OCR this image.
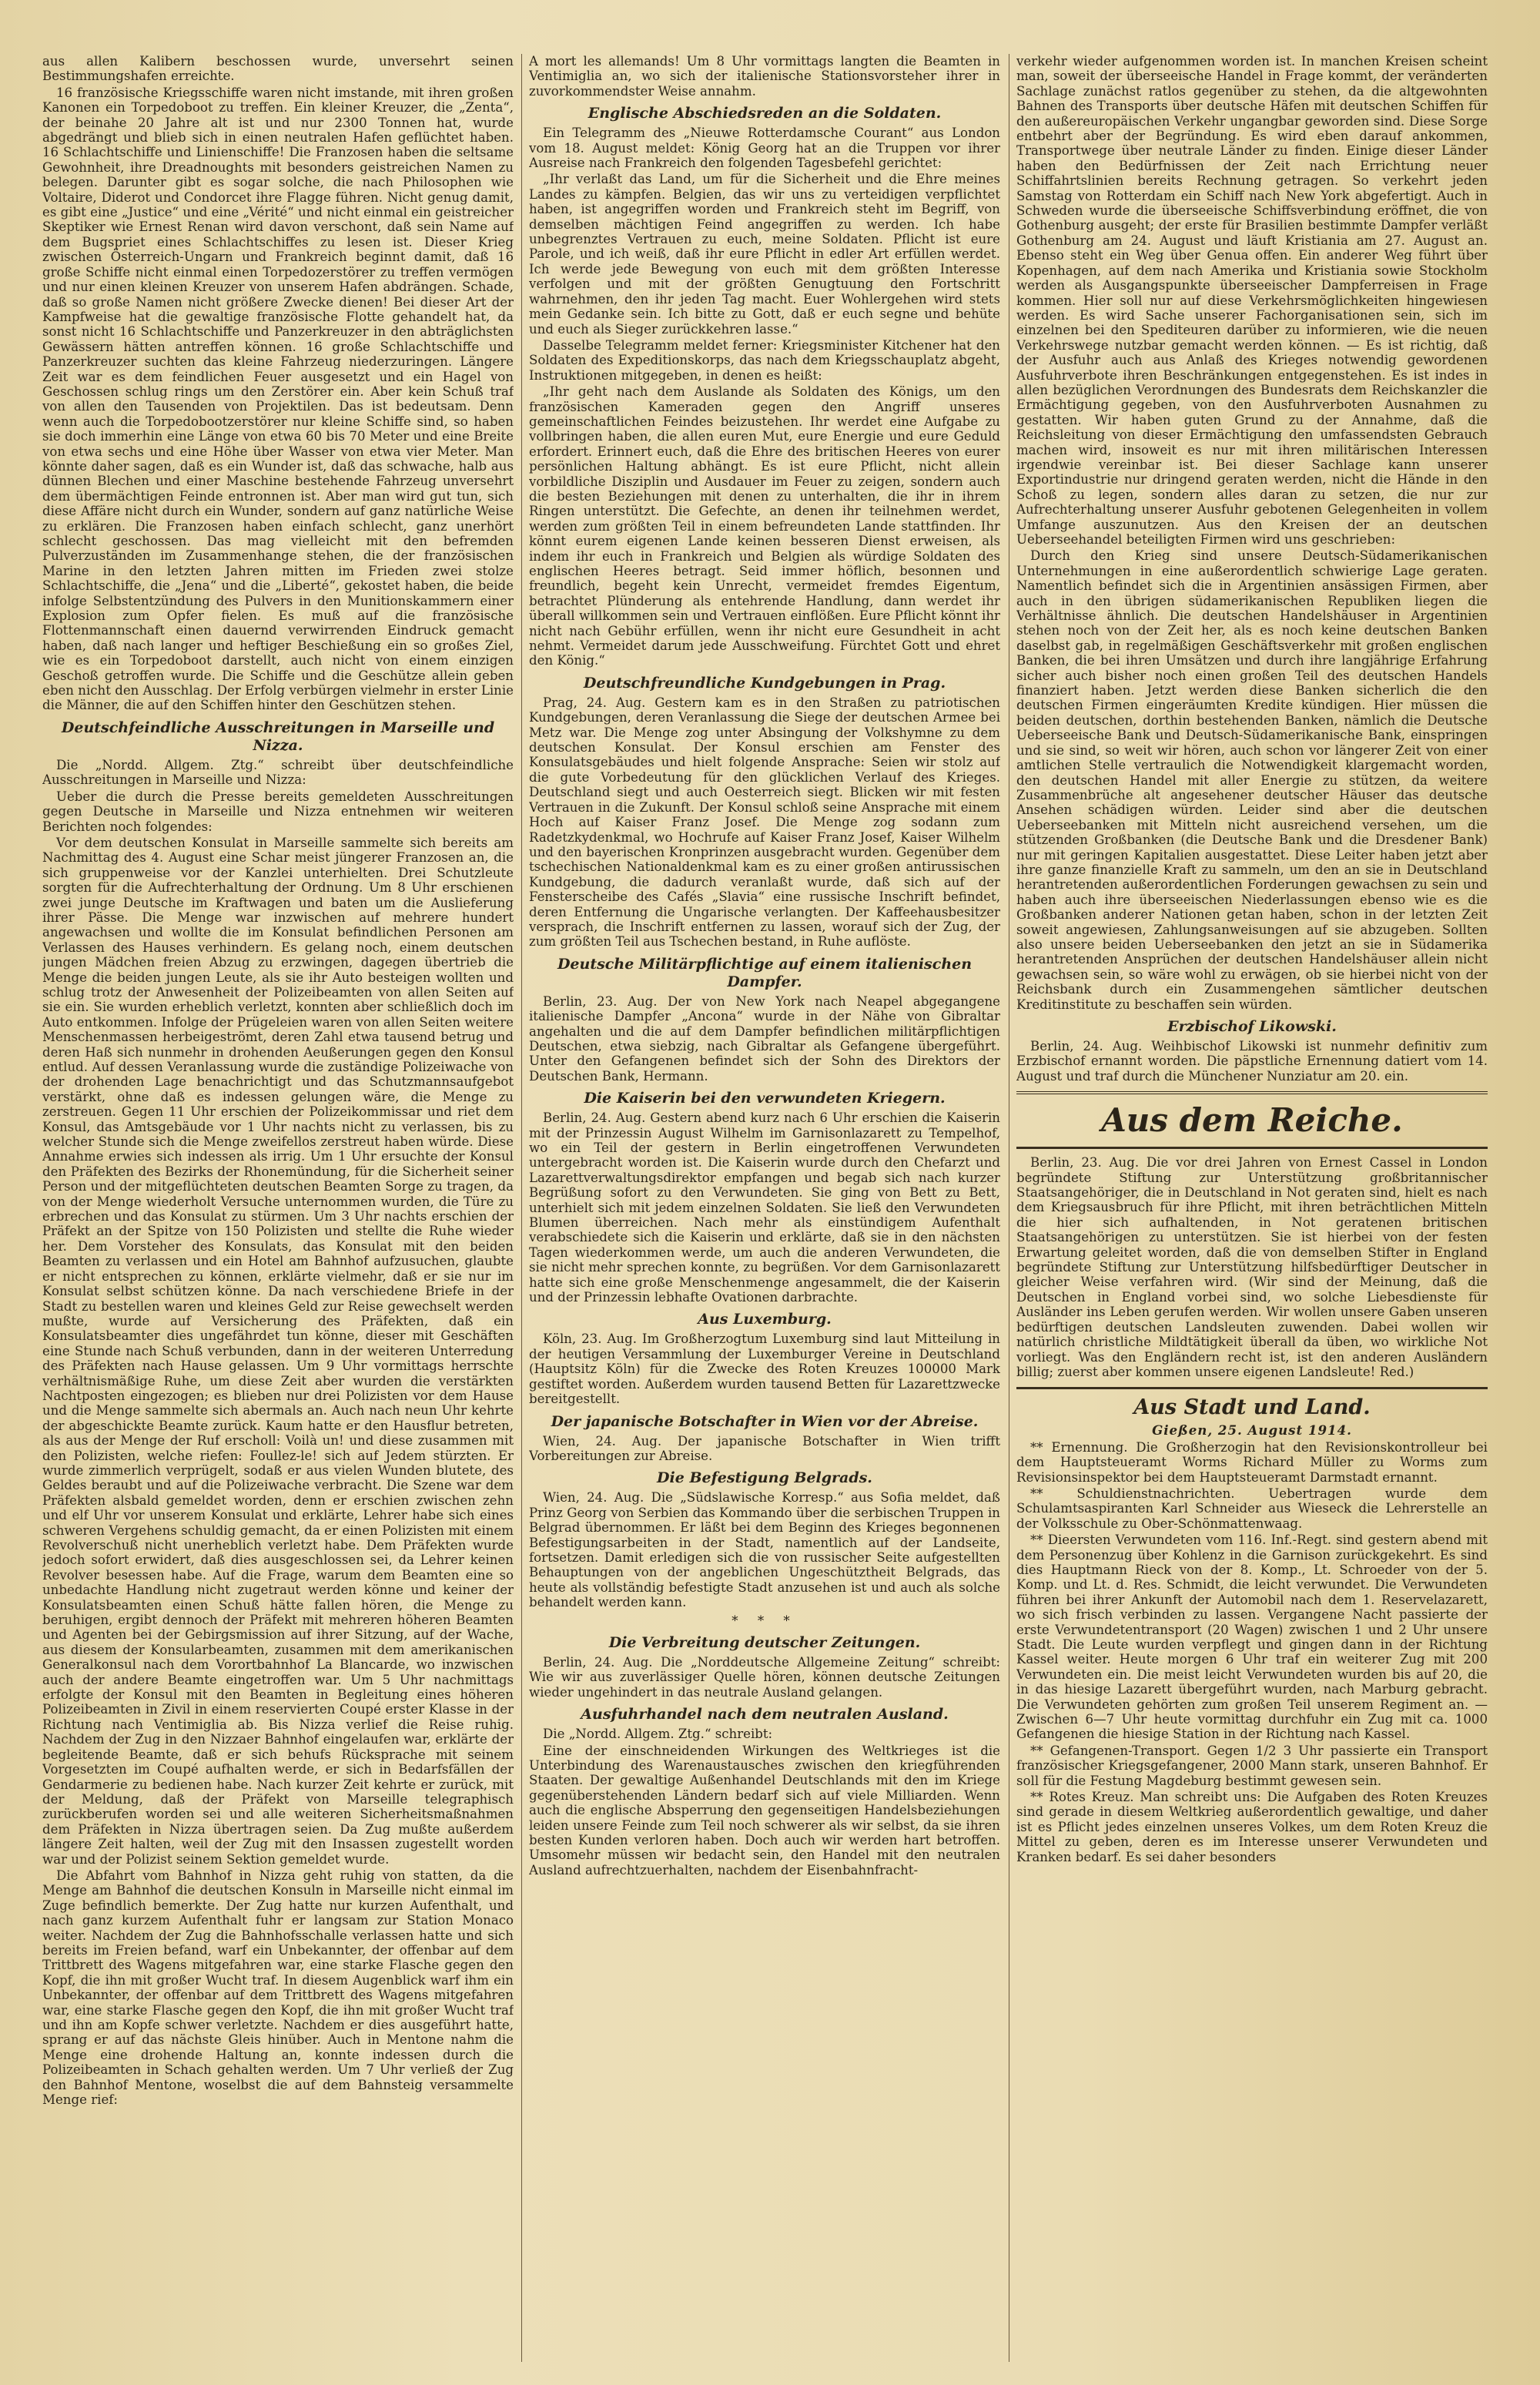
aus allen Kalibern beschossen wurde, unversehrt seinen Bestimmungshafen erreichte.

16 französische Kriegsschiffe waren nicht imstande, mit ihren großen Kanonen ein Torpedoboot zu treffen. Ein kleiner Kreuzer, die „Zenta“, der beinahe 20 Jahre alt ist und nur 2300 Tonnen hat, wurde abgedrängt und blieb sich in einen neutralen Hafen geflüchtet haben. 16 Schlachtschiffe und Linienschiffe! Die Franzosen haben die seltsame Gewohnheit, ihre Dreadnoughts mit besonders geistreichen Namen zu belegen. Darunter gibt es sogar solche, die nach Philosophen wie Voltaire, Diderot und Condorcet ihre Flagge führen. Nicht genug damit, es gibt eine „Justice“ und eine „Vérité“ und nicht einmal ein geistreicher Skeptiker wie Ernest Renan wird davon verschont, daß sein Name auf dem Bugspriet eines Schlachtschiffes zu lesen ist. Dieser Krieg zwischen Österreich-Ungarn und Frankreich beginnt damit, daß 16 große Schiffe nicht einmal einen Torpedozerstörer zu treffen vermögen und nur einen kleinen Kreuzer von unserem Hafen abdrängen. Schade, daß so große Namen nicht größere Zwecke dienen! Bei dieser Art der Kampfweise hat die gewaltige französische Flotte gehandelt hat, da sonst nicht 16 Schlachtschiffe und Panzerkreuzer in den abträglichsten Gewässern hätten antreffen können. 16 große Schlachtschiffe und Panzerkreuzer suchten das kleine Fahrzeug niederzuringen. Längere Zeit war es dem feindlichen Feuer ausgesetzt und ein Hagel von Geschossen schlug rings um den Zerstörer ein. Aber kein Schuß traf von allen den Tausenden von Projektilen. Das ist bedeutsam. Denn wenn auch die Torpedobootzerstörer nur kleine Schiffe sind, so haben sie doch immerhin eine Länge von etwa 60 bis 70 Meter und eine Breite von etwa sechs und eine Höhe über Wasser von etwa vier Meter. Man könnte daher sagen, daß es ein Wunder ist, daß das schwache, halb aus dünnen Blechen und einer Maschine bestehende Fahrzeug unversehrt dem übermächtigen Feinde entronnen ist. Aber man wird gut tun, sich diese Affäre nicht durch ein Wunder, sondern auf ganz natürliche Weise zu erklären. Die Franzosen haben einfach schlecht, ganz unerhört schlecht geschossen. Das mag vielleicht mit den befremden Pulverzuständen im Zusammenhange stehen, die der französischen Marine in den letzten Jahren mitten im Frieden zwei stolze Schlachtschiffe, die „Jena“ und die „Liberté“, gekostet haben, die beide infolge Selbstentzündung des Pulvers in den Munitionskammern einer Explosion zum Opfer fielen. Es muß auf die französische Flottenmannschaft einen dauernd verwirrenden Eindruck gemacht haben, daß nach langer und heftiger Beschießung ein so großes Ziel, wie es ein Torpedoboot darstellt, auch nicht von einem einzigen Geschoß getroffen wurde. Die Schiffe und die Geschütze allein geben eben nicht den Ausschlag. Der Erfolg verbürgen vielmehr in erster Linie die Männer, die auf den Schiffen hinter den Geschützen stehen.

Deutschfeindliche Ausschreitungen in Marseille und Nizza.

Die „Nordd. Allgem. Ztg.“ schreibt über deutschfeindliche Ausschreitungen in Marseille und Nizza:

Ueber die durch die Presse bereits gemeldeten Ausschreitungen gegen Deutsche in Marseille und Nizza entnehmen wir weiteren Berichten noch folgendes:

Vor dem deutschen Konsulat in Marseille sammelte sich bereits am Nachmittag des 4. August eine Schar meist jüngerer Franzosen an, die sich gruppenweise vor der Kanzlei unterhielten. Drei Schutzleute sorgten für die Aufrechterhaltung der Ordnung. Um 8 Uhr erschienen zwei junge Deutsche im Kraftwagen und baten um die Auslieferung ihrer Pässe. Die Menge war inzwischen auf mehrere hundert angewachsen und wollte die im Konsulat befindlichen Personen am Verlassen des Hauses verhindern. Es gelang noch, einem deutschen jungen Mädchen freien Abzug zu erzwingen, dagegen übertrieb die Menge die beiden jungen Leute, als sie ihr Auto besteigen wollten und schlug trotz der Anwesenheit der Polizeibeamten von allen Seiten auf sie ein. Sie wurden erheblich verletzt, konnten aber schließlich doch im Auto entkommen. Infolge der Prügeleien waren von allen Seiten weitere Menschenmassen herbeigeströmt, deren Zahl etwa tausend betrug und deren Haß sich nunmehr in drohenden Aeußerungen gegen den Konsul entlud. Auf dessen Veranlassung wurde die zuständige Polizeiwache von der drohenden Lage benachrichtigt und das Schutzmannsaufgebot verstärkt, ohne daß es indessen gelungen wäre, die Menge zu zerstreuen. Gegen 11 Uhr erschien der Polizeikommissar und riet dem Konsul, das Amtsgebäude vor 1 Uhr nachts nicht zu verlassen, bis zu welcher Stunde sich die Menge zweifellos zerstreut haben würde. Diese Annahme erwies sich indessen als irrig. Um 1 Uhr ersuchte der Konsul den Präfekten des Bezirks der Rhonemündung, für die Sicherheit seiner Person und der mitgeflüchteten deutschen Beamten Sorge zu tragen, da von der Menge wiederholt Versuche unternommen wurden, die Türe zu erbrechen und das Konsulat zu stürmen. Um 3 Uhr nachts erschien der Präfekt an der Spitze von 150 Polizisten und stellte die Ruhe wieder her. Dem Vorsteher des Konsulats, das Konsulat mit den beiden Beamten zu verlassen und ein Hotel am Bahnhof aufzusuchen, glaubte er nicht entsprechen zu können, erklärte vielmehr, daß er sie nur im Konsulat selbst schützen könne. Da nach verschiedene Briefe in der Stadt zu bestellen waren und kleines Geld zur Reise gewechselt werden mußte, wurde auf Versicherung des Präfekten, daß ein Konsulatsbeamter dies ungefährdet tun könne, dieser mit Geschäften eine Stunde nach Schuß verbunden, dann in der weiteren Unterredung des Präfekten nach Hause gelassen. Um 9 Uhr vormittags herrschte verhältnismäßige Ruhe, um diese Zeit aber wurden die verstärkten Nachtposten eingezogen; es blieben nur drei Polizisten vor dem Hause und die Menge sammelte sich abermals an. Auch nach neun Uhr kehrte der abgeschickte Beamte zurück. Kaum hatte er den Hausflur betreten, als aus der Menge der Ruf erscholl: Voilà un! und diese zusammen mit den Polizisten, welche riefen: Foullez-le! sich auf Jedem stürzten. Er wurde zimmerlich verprügelt, sodaß er aus vielen Wunden blutete, des Geldes beraubt und auf die Polizeiwache verbracht. Die Szene war dem Präfekten alsbald gemeldet worden, denn er erschien zwischen zehn und elf Uhr vor unserem Konsulat und erklärte, Lehrer habe sich eines schweren Vergehens schuldig gemacht, da er einen Polizisten mit einem Revolverschuß nicht unerheblich verletzt habe. Dem Präfekten wurde jedoch sofort erwidert, daß dies ausgeschlossen sei, da Lehrer keinen Revolver besessen habe. Auf die Frage, warum dem Beamten eine so unbedachte Handlung nicht zugetraut werden könne und keiner der Konsulatsbeamten einen Schuß hätte fallen hören, die Menge zu beruhigen, ergibt dennoch der Präfekt mit mehreren höheren Beamten und Agenten bei der Gebirgsmission auf ihrer Sitzung, auf der Wache, aus diesem der Konsularbeamten, zusammen mit dem amerikanischen Generalkonsul nach dem Vorortbahnhof La Blancarde, wo inzwischen auch der andere Beamte eingetroffen war. Um 5 Uhr nachmittags erfolgte der Konsul mit den Beamten in Begleitung eines höheren Polizeibeamten in Zivil in einem reservierten Coupé erster Klasse in der Richtung nach Ventimiglia ab. Bis Nizza verlief die Reise ruhig. Nachdem der Zug in den Nizzaer Bahnhof eingelaufen war, erklärte der begleitende Beamte, daß er sich behufs Rücksprache mit seinem Vorgesetzten im Coupé aufhalten werde, er sich in Bedarfsfällen der Gendarmerie zu bedienen habe. Nach kurzer Zeit kehrte er zurück, mit der Meldung, daß der Präfekt von Marseille telegraphisch zurückberufen worden sei und alle weiteren Sicherheitsmaßnahmen dem Präfekten in Nizza übertragen seien. Da Zug mußte außerdem längere Zeit halten, weil der Zug mit den Insassen zugestellt worden war und der Polizist seinem Sektion gemeldet wurde.

Die Abfahrt vom Bahnhof in Nizza geht ruhig von statten, da die Menge am Bahnhof die deutschen Konsuln in Marseille nicht einmal im Zuge befindlich bemerkte. Der Zug hatte nur kurzen Aufenthalt, und nach ganz kurzem Aufenthalt fuhr er langsam zur Station Monaco weiter. Nachdem der Zug die Bahnhofsschalle verlassen hatte und sich bereits im Freien befand, warf ein Unbekannter, der offenbar auf dem Trittbrett des Wagens mitgefahren war, eine starke Flasche gegen den Kopf, die ihn mit großer Wucht traf. In diesem Augenblick warf ihm ein Unbekannter, der offenbar auf dem Trittbrett des Wagens mitgefahren war, eine starke Flasche gegen den Kopf, die ihn mit großer Wucht traf und ihn am Kopfe schwer verletzte. Nachdem er dies ausgeführt hatte, sprang er auf das nächste Gleis hinüber. Auch in Mentone nahm die Menge eine drohende Haltung an, konnte indessen durch die Polizeibeamten in Schach gehalten werden. Um 7 Uhr verließ der Zug den Bahnhof Mentone, woselbst die auf dem Bahnsteig versammelte Menge rief:

A mort les allemands! Um 8 Uhr vormittags langten die Beamten in Ventimiglia an, wo sich der italienische Stationsvorsteher ihrer in zuvorkommendster Weise annahm.

Englische Abschiedsreden an die Soldaten.

Ein Telegramm des „Nieuwe Rotterdamsche Courant“ aus London vom 18. August meldet: König Georg hat an die Truppen vor ihrer Ausreise nach Frankreich den folgenden Tagesbefehl gerichtet:

„Ihr verlaßt das Land, um für die Sicherheit und die Ehre meines Landes zu kämpfen. Belgien, das wir uns zu verteidigen verpflichtet haben, ist angegriffen worden und Frankreich steht im Begriff, von demselben mächtigen Feind angegriffen zu werden. Ich habe unbegrenztes Vertrauen zu euch, meine Soldaten. Pflicht ist eure Parole, und ich weiß, daß ihr eure Pflicht in edler Art erfüllen werdet. Ich werde jede Bewegung von euch mit dem größten Interesse verfolgen und mit der größten Genugtuung den Fortschritt wahrnehmen, den ihr jeden Tag macht. Euer Wohlergehen wird stets mein Gedanke sein. Ich bitte zu Gott, daß er euch segne und behüte und euch als Sieger zurückkehren lasse.“

Dasselbe Telegramm meldet ferner: Kriegsminister Kitchener hat den Soldaten des Expeditionskorps, das nach dem Kriegsschauplatz abgeht, Instruktionen mitgegeben, in denen es heißt:

„Ihr geht nach dem Auslande als Soldaten des Königs, um den französischen Kameraden gegen den Angriff unseres gemeinschaftlichen Feindes beizustehen. Ihr werdet eine Aufgabe zu vollbringen haben, die allen euren Mut, eure Energie und eure Geduld erfordert. Erinnert euch, daß die Ehre des britischen Heeres von eurer persönlichen Haltung abhängt. Es ist eure Pflicht, nicht allein vorbildliche Disziplin und Ausdauer im Feuer zu zeigen, sondern auch die besten Beziehungen mit denen zu unterhalten, die ihr in ihrem Ringen unterstützt. Die Gefechte, an denen ihr teilnehmen werdet, werden zum größten Teil in einem befreundeten Lande stattfinden. Ihr könnt eurem eigenen Lande keinen besseren Dienst erweisen, als indem ihr euch in Frankreich und Belgien als würdige Soldaten des englischen Heeres betragt. Seid immer höflich, besonnen und freundlich, begeht kein Unrecht, vermeidet fremdes Eigentum, betrachtet Plünderung als entehrende Handlung, dann werdet ihr überall willkommen sein und Vertrauen einflößen. Eure Pflicht könnt ihr nicht nach Gebühr erfüllen, wenn ihr nicht eure Gesundheit in acht nehmt. Vermeidet darum jede Ausschweifung. Fürchtet Gott und ehret den König.“

Deutschfreundliche Kundgebungen in Prag.

Prag, 24. Aug. Gestern kam es in den Straßen zu patriotischen Kundgebungen, deren Veranlassung die Siege der deutschen Armee bei Metz war. Die Menge zog unter Absingung der Volkshymne zu dem deutschen Konsulat. Der Konsul erschien am Fenster des Konsulatsgebäudes und hielt folgende Ansprache: Seien wir stolz auf die gute Vorbedeutung für den glücklichen Verlauf des Krieges. Deutschland siegt und auch Oesterreich siegt. Blicken wir mit festen Vertrauen in die Zukunft. Der Konsul schloß seine Ansprache mit einem Hoch auf Kaiser Franz Josef. Die Menge zog sodann zum Radetzkydenkmal, wo Hochrufe auf Kaiser Franz Josef, Kaiser Wilhelm und den bayerischen Kronprinzen ausgebracht wurden. Gegenüber dem tschechischen Nationaldenkmal kam es zu einer großen antirussischen Kundgebung, die dadurch veranlaßt wurde, daß sich auf der Fensterscheibe des Cafés „Slavia“ eine russische Inschrift befindet, deren Entfernung die Ungarische verlangten. Der Kaffeehausbesitzer versprach, die Inschrift entfernen zu lassen, worauf sich der Zug, der zum größten Teil aus Tschechen bestand, in Ruhe auflöste.

Deutsche Militärpflichtige auf einem italienischen Dampfer.

Berlin, 23. Aug. Der von New York nach Neapel abgegangene italienische Dampfer „Ancona“ wurde in der Nähe von Gibraltar angehalten und die auf dem Dampfer befindlichen militärpflichtigen Deutschen, etwa siebzig, nach Gibraltar als Gefangene übergeführt. Unter den Gefangenen befindet sich der Sohn des Direktors der Deutschen Bank, Hermann.

Die Kaiserin bei den verwundeten Kriegern.

Berlin, 24. Aug. Gestern abend kurz nach 6 Uhr erschien die Kaiserin mit der Prinzessin August Wilhelm im Garnisonlazarett zu Tempelhof, wo ein Teil der gestern in Berlin eingetroffenen Verwundeten untergebracht worden ist. Die Kaiserin wurde durch den Chefarzt und Lazarettverwaltungsdirektor empfangen und begab sich nach kurzer Begrüßung sofort zu den Verwundeten. Sie ging von Bett zu Bett, unterhielt sich mit jedem einzelnen Soldaten. Sie ließ den Verwundeten Blumen überreichen. Nach mehr als einstündigem Aufenthalt verabschiedete sich die Kaiserin und erklärte, daß sie in den nächsten Tagen wiederkommen werde, um auch die anderen Verwundeten, die sie nicht mehr sprechen konnte, zu begrüßen. Vor dem Garnisonlazarett hatte sich eine große Menschenmenge angesammelt, die der Kaiserin und der Prinzessin lebhafte Ovationen darbrachte.

Aus Luxemburg.

Köln, 23. Aug. Im Großherzogtum Luxemburg sind laut Mitteilung in der heutigen Versammlung der Luxemburger Vereine in Deutschland (Hauptsitz Köln) für die Zwecke des Roten Kreuzes 100000 Mark gestiftet worden. Außerdem wurden tausend Betten für Lazarettzwecke bereitgestellt.

Der japanische Botschafter in Wien vor der Abreise.

Wien, 24. Aug. Der japanische Botschafter in Wien trifft Vorbereitungen zur Abreise.

Die Befestigung Belgrads.

Wien, 24. Aug. Die „Südslawische Korresp.“ aus Sofia meldet, daß Prinz Georg von Serbien das Kommando über die serbischen Truppen in Belgrad übernommen. Er läßt bei dem Beginn des Krieges begonnenen Befestigungsarbeiten in der Stadt, namentlich auf der Landseite, fortsetzen. Damit erledigen sich die von russischer Seite aufgestellten Behauptungen von der angeblichen Ungeschütztheit Belgrads, das heute als vollständig befestigte Stadt anzusehen ist und auch als solche behandelt werden kann.

* * *
Die Verbreitung deutscher Zeitungen.

Berlin, 24. Aug. Die „Norddeutsche Allgemeine Zeitung“ schreibt: Wie wir aus zuverlässiger Quelle hören, können deutsche Zeitungen wieder ungehindert in das neutrale Ausland gelangen.

Ausfuhrhandel nach dem neutralen Ausland.

Die „Nordd. Allgem. Ztg.“ schreibt:

Eine der einschneidenden Wirkungen des Weltkrieges ist die Unterbindung des Warenaustausches zwischen den kriegführenden Staaten. Der gewaltige Außenhandel Deutschlands mit den im Kriege gegenüberstehenden Ländern bedarf sich auf viele Milliarden. Wenn auch die englische Absperrung den gegenseitigen Handelsbeziehungen leiden unsere Feinde zum Teil noch schwerer als wir selbst, da sie ihren besten Kunden verloren haben. Doch auch wir werden hart betroffen. Umsomehr müssen wir bedacht sein, den Handel mit den neutralen Ausland aufrechtzuerhalten, nachdem der Eisenbahnfracht-

verkehr wieder aufgenommen worden ist. In manchen Kreisen scheint man, soweit der überseeische Handel in Frage kommt, der veränderten Sachlage zunächst ratlos gegenüber zu stehen, da die altgewohnten Bahnen des Transports über deutsche Häfen mit deutschen Schiffen für den außereuropäischen Verkehr ungangbar geworden sind. Diese Sorge entbehrt aber der Begründung. Es wird eben darauf ankommen, Transportwege über neutrale Länder zu finden. Einige dieser Länder haben den Bedürfnissen der Zeit nach Errichtung neuer Schiffahrtslinien bereits Rechnung getragen. So verkehrt jeden Samstag von Rotterdam ein Schiff nach New York abgefertigt. Auch in Schweden wurde die überseeische Schiffsverbindung eröffnet, die von Gothenburg ausgeht; der erste für Brasilien bestimmte Dampfer verläßt Gothenburg am 24. August und läuft Kristiania am 27. August an. Ebenso steht ein Weg über Genua offen. Ein anderer Weg führt über Kopenhagen, auf dem nach Amerika und Kristiania sowie Stockholm werden als Ausgangspunkte überseeischer Dampferreisen in Frage kommen. Hier soll nur auf diese Verkehrsmöglichkeiten hingewiesen werden. Es wird Sache unserer Fachorganisationen sein, sich im einzelnen bei den Spediteuren darüber zu informieren, wie die neuen Verkehrswege nutzbar gemacht werden können. — Es ist richtig, daß der Ausfuhr auch aus Anlaß des Krieges notwendig gewordenen Ausfuhrverbote ihren Beschränkungen entgegenstehen. Es ist indes in allen bezüglichen Verordnungen des Bundesrats dem Reichskanzler die Ermächtigung gegeben, von den Ausfuhrverboten Ausnahmen zu gestatten. Wir haben guten Grund zu der Annahme, daß die Reichsleitung von dieser Ermächtigung den umfassendsten Gebrauch machen wird, insoweit es nur mit ihren militärischen Interessen irgendwie vereinbar ist. Bei dieser Sachlage kann unserer Exportindustrie nur dringend geraten werden, nicht die Hände in den Schoß zu legen, sondern alles daran zu setzen, die nur zur Aufrechterhaltung unserer Ausfuhr gebotenen Gelegenheiten in vollem Umfange auszunutzen. Aus den Kreisen der an deutschen Ueberseehandel beteiligten Firmen wird uns geschrieben:

Durch den Krieg sind unsere Deutsch-Südamerikanischen Unternehmungen in eine außerordentlich schwierige Lage geraten. Namentlich befindet sich die in Argentinien ansässigen Firmen, aber auch in den übrigen südamerikanischen Republiken liegen die Verhältnisse ähnlich. Die deutschen Handelshäuser in Argentinien stehen noch von der Zeit her, als es noch keine deutschen Banken daselbst gab, in regelmäßigen Geschäftsverkehr mit großen englischen Banken, die bei ihren Umsätzen und durch ihre langjährige Erfahrung sicher auch bisher noch einen großen Teil des deutschen Handels finanziert haben. Jetzt werden diese Banken sicherlich die den deutschen Firmen eingeräumten Kredite kündigen. Hier müssen die beiden deutschen, dorthin bestehenden Banken, nämlich die Deutsche Ueberseeische Bank und Deutsch-Südamerikanische Bank, einspringen und sie sind, so weit wir hören, auch schon vor längerer Zeit von einer amtlichen Stelle vertraulich die Notwendigkeit klargemacht worden, den deutschen Handel mit aller Energie zu stützen, da weitere Zusammenbrüche alt angesehener deutscher Häuser das deutsche Ansehen schädigen würden. Leider sind aber die deutschen Ueberseebanken mit Mitteln nicht ausreichend versehen, um die stützenden Großbanken (die Deutsche Bank und die Dresdener Bank) nur mit geringen Kapitalien ausgestattet. Diese Leiter haben jetzt aber ihre ganze finanzielle Kraft zu sammeln, um den an sie in Deutschland herantretenden außerordentlichen Forderungen gewachsen zu sein und haben auch ihre überseeischen Niederlassungen ebenso wie es die Großbanken anderer Nationen getan haben, schon in der letzten Zeit soweit angewiesen, Zahlungsanweisungen auf sie abzugeben. Sollten also unsere beiden Ueberseebanken den jetzt an sie in Südamerika herantretenden Ansprüchen der deutschen Handelshäuser allein nicht gewachsen sein, so wäre wohl zu erwägen, ob sie hierbei nicht von der Reichsbank durch ein Zusammengehen sämtlicher deutschen Kreditinstitute zu beschaffen sein würden.

Erzbischof Likowski.

Berlin, 24. Aug. Weihbischof Likowski ist nunmehr definitiv zum Erzbischof ernannt worden. Die päpstliche Ernennung datiert vom 14. August und traf durch die Münchener Nunziatur am 20. ein.

Aus dem Reiche.

Berlin, 23. Aug. Die vor drei Jahren von Ernest Cassel in London begründete Stiftung zur Unterstützung großbritannischer Staatsangehöriger, die in Deutschland in Not geraten sind, hielt es nach dem Kriegsausbruch für ihre Pflicht, mit ihren beträchtlichen Mitteln die hier sich aufhaltenden, in Not geratenen britischen Staatsangehörigen zu unterstützen. Sie ist hierbei von der festen Erwartung geleitet worden, daß die von demselben Stifter in England begründete Stiftung zur Unterstützung hilfsbedürftiger Deutscher in gleicher Weise verfahren wird. (Wir sind der Meinung, daß die Deutschen in England vorbei sind, wo solche Liebesdienste für Ausländer ins Leben gerufen werden. Wir wollen unsere Gaben unseren bedürftigen deutschen Landsleuten zuwenden. Dabei wollen wir natürlich christliche Mildtätigkeit überall da üben, wo wirkliche Not vorliegt. Was den Engländern recht ist, ist den anderen Ausländern billig; zuerst aber kommen unsere eigenen Landsleute! Red.)

Aus Stadt und Land.

Gießen, 25. August 1914.

** Ernennung. Die Großherzogin hat den Revisionskontrolleur bei dem Hauptsteueramt Worms Richard Müller zu Worms zum Revisionsinspektor bei dem Hauptsteueramt Darmstadt ernannt.

** Schuldienstnachrichten. Uebertragen wurde dem Schulamtsaspiranten Karl Schneider aus Wieseck die Lehrerstelle an der Volksschule zu Ober-Schönmattenwaag.

** Dieersten Verwundeten vom 116. Inf.-Regt. sind gestern abend mit dem Personenzug über Kohlenz in die Garnison zurückgekehrt. Es sind dies Hauptmann Rieck von der 8. Komp., Lt. Schroeder von der 5. Komp. und Lt. d. Res. Schmidt, die leicht verwundet. Die Verwundeten führen bei ihrer Ankunft der Automobil nach dem 1. Reservelazarett, wo sich frisch verbinden zu lassen. Vergangene Nacht passierte der erste Verwundetentransport (20 Wagen) zwischen 1 und 2 Uhr unsere Stadt. Die Leute wurden verpflegt und gingen dann in der Richtung Kassel weiter. Heute morgen 6 Uhr traf ein weiterer Zug mit 200 Verwundeten ein. Die meist leicht Verwundeten wurden bis auf 20, die in das hiesige Lazarett übergeführt wurden, nach Marburg gebracht. Die Verwundeten gehörten zum großen Teil unserem Regiment an. — Zwischen 6—7 Uhr heute vormittag durchfuhr ein Zug mit ca. 1000 Gefangenen die hiesige Station in der Richtung nach Kassel.

** Gefangenen-Transport. Gegen 1/2 3 Uhr passierte ein Transport französischer Kriegsgefangener, 2000 Mann stark, unseren Bahnhof. Er soll für die Festung Magdeburg bestimmt gewesen sein.

** Rotes Kreuz. Man schreibt uns: Die Aufgaben des Roten Kreuzes sind gerade in diesem Weltkrieg außerordentlich gewaltige, und daher ist es Pflicht jedes einzelnen unseres Volkes, um dem Roten Kreuz die Mittel zu geben, deren es im Interesse unserer Verwundeten und Kranken bedarf. Es sei daher besonders
